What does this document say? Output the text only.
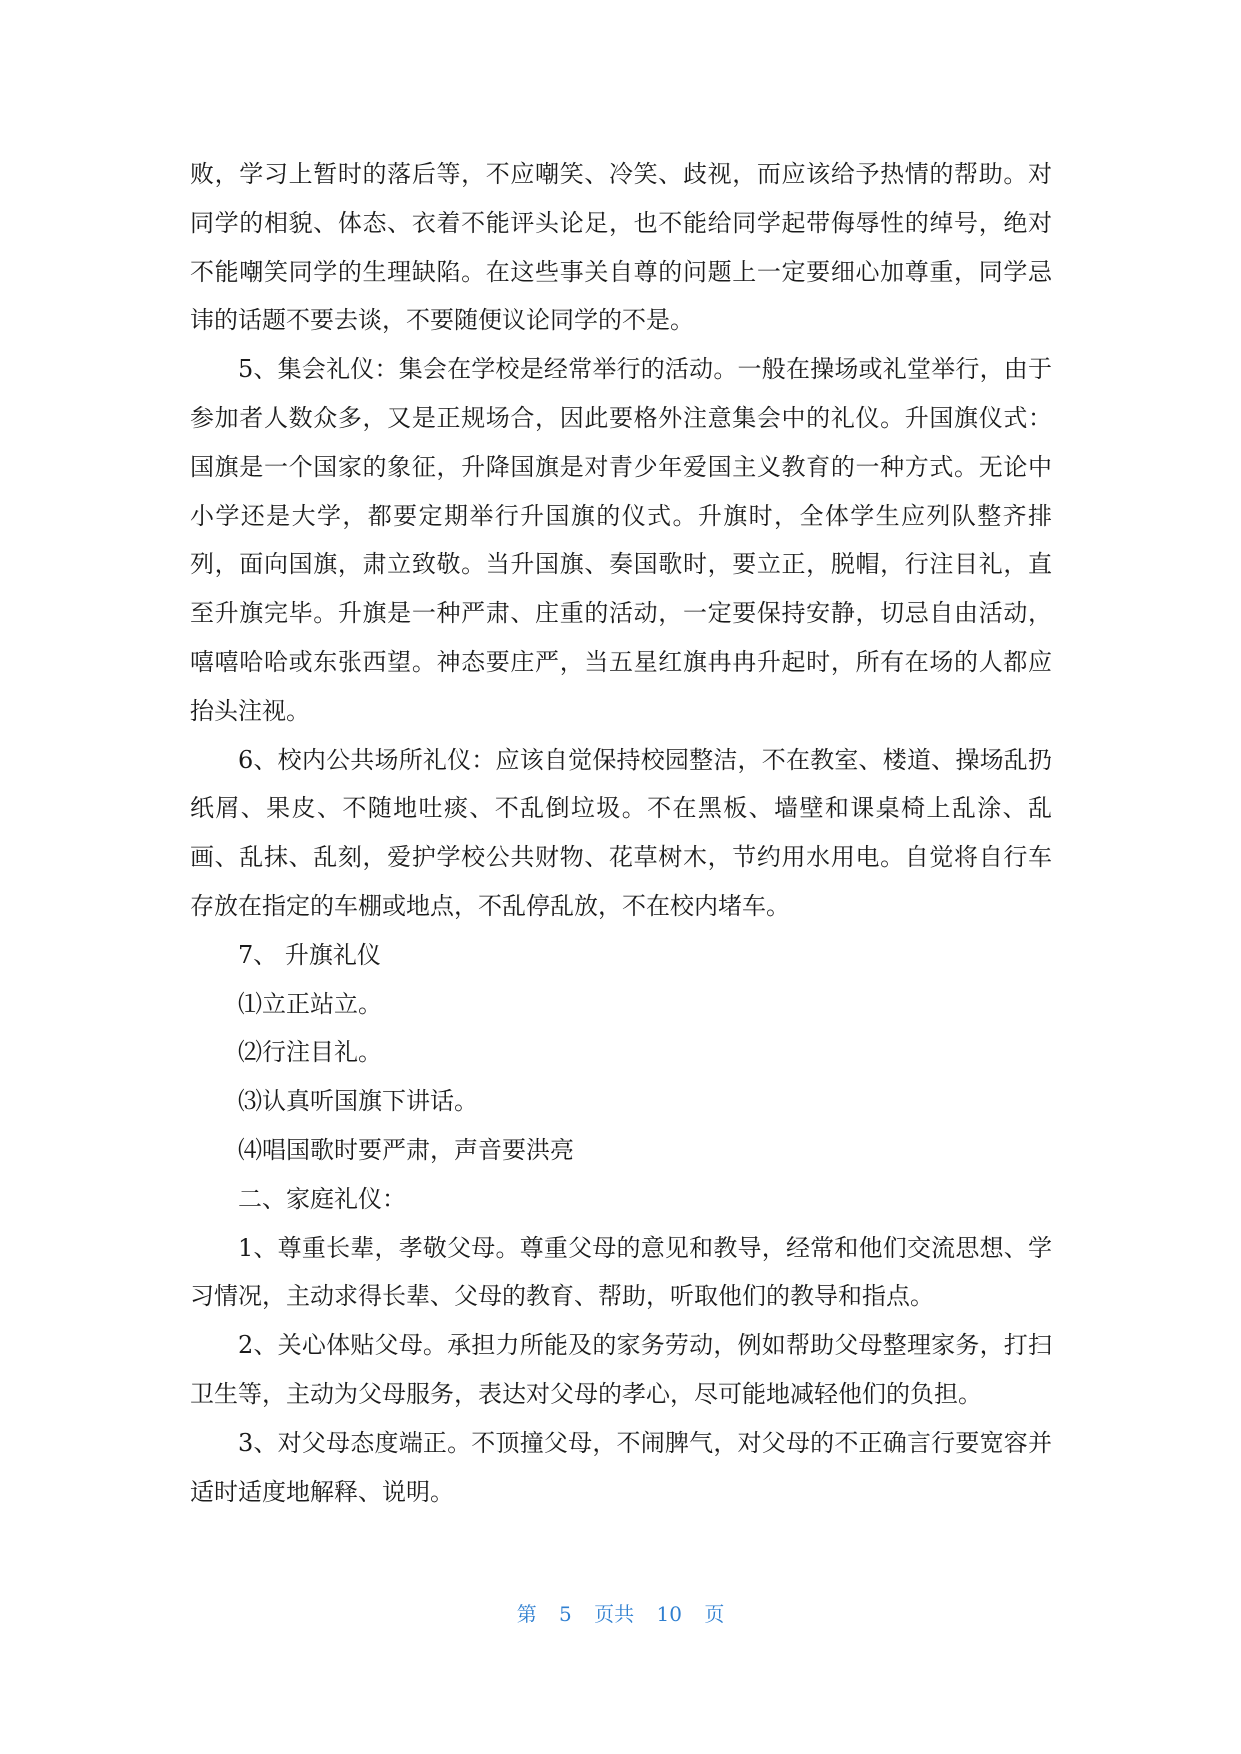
败，学习上暂时的落后等，不应嘲笑、冷笑、歧视，而应该给予热情的帮助。对同学的相貌、体态、衣着不能评头论足，也不能给同学起带侮辱性的绰号，绝对不能嘲笑同学的生理缺陷。在这些事关自尊的问题上一定要细心加尊重，同学忌讳的话题不要去谈，不要随便议论同学的不是。

5、集会礼仪：集会在学校是经常举行的活动。一般在操场或礼堂举行，由于参加者人数众多，又是正规场合，因此要格外注意集会中的礼仪。升国旗仪式：国旗是一个国家的象征，升降国旗是对青少年爱国主义教育的一种方式。无论中小学还是大学，都要定期举行升国旗的仪式。升旗时，全体学生应列队整齐排列，面向国旗，肃立致敬。当升国旗、奏国歌时，要立正，脱帽，行注目礼，直至升旗完毕。升旗是一种严肃、庄重的活动，一定要保持安静，切忌自由活动，嘻嘻哈哈或东张西望。神态要庄严，当五星红旗冉冉升起时，所有在场的人都应抬头注视。

6、校内公共场所礼仪：应该自觉保持校园整洁，不在教室、楼道、操场乱扔纸屑、果皮、不随地吐痰、不乱倒垃圾。不在黑板、墙壁和课桌椅上乱涂、乱画、乱抹、乱刻，爱护学校公共财物、花草树木，节约用水用电。自觉将自行车存放在指定的车棚或地点，不乱停乱放，不在校内堵车。

7、 升旗礼仪

⑴立正站立。

⑵行注目礼。

⑶认真听国旗下讲话。

⑷唱国歌时要严肃，声音要洪亮

二、家庭礼仪：

1、尊重长辈，孝敬父母。尊重父母的意见和教导，经常和他们交流思想、学习情况，主动求得长辈、父母的教育、帮助，听取他们的教导和指点。

2、关心体贴父母。承担力所能及的家务劳动，例如帮助父母整理家务，打扫卫生等，主动为父母服务，表达对父母的孝心，尽可能地减轻他们的负担。

3、对父母态度端正。不顶撞父母，不闹脾气，对父母的不正确言行要宽容并适时适度地解释、说明。

第 5 页共 10 页
